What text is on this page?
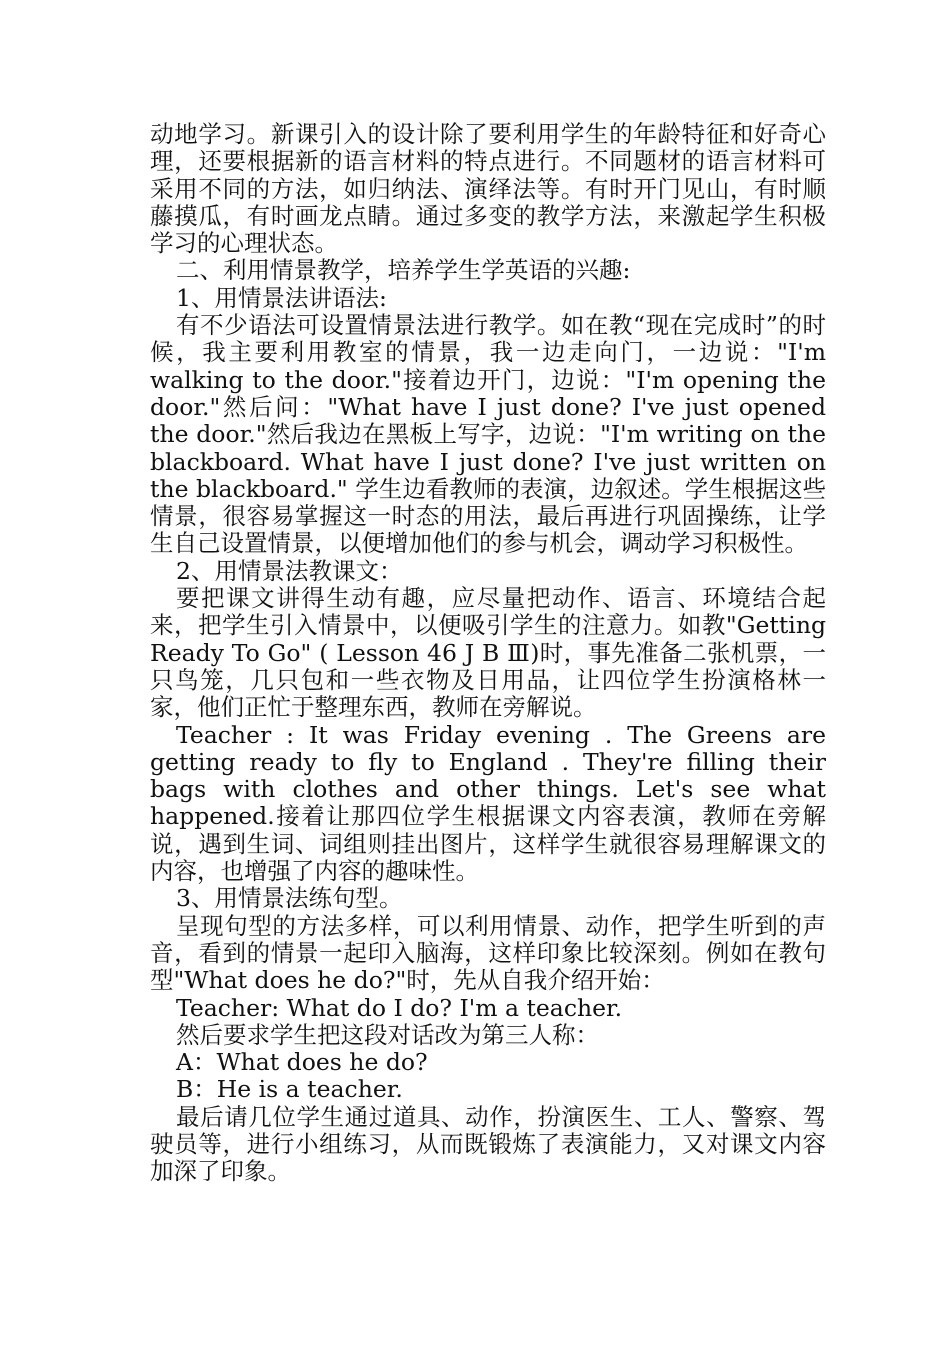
动地学习。新课引入的设计除了要利用学生的年龄特征和好奇心理，还要根据新的语言材料的特点进行。不同题材的语言材料可采用不同的方法，如归纳法、演绎法等。有时开门见山，有时顺藤摸瓜，有时画龙点睛。通过多变的教学方法，来激起学生积极学习的心理状态。

二、利用情景教学，培养学生学英语的兴趣:

1、用情景法讲语法:

有不少语法可设置情景法进行教学。如在教“现在完成时”的时候，我主要利用教室的情景，我一边走向门，一边说："I'm walking to the door."接着边开门，边说："I'm opening the door."然后问："What have I just done? I've just opened the door."然后我边在黑板上写字，边说："I'm writing on the blackboard. What have I just done? I've just written on the blackboard." 学生边看教师的表演，边叙述。学生根据这些情景，很容易掌握这一时态的用法，最后再进行巩固操练，让学生自己设置情景，以便增加他们的参与机会，调动学习积极性。

2、用情景法教课文：

要把课文讲得生动有趣，应尽量把动作、语言、环境结合起来，把学生引入情景中，以便吸引学生的注意力。如教"Getting Ready To Go" ( Lesson 46 J B Ⅲ)时，事先准备二张机票，一只鸟笼，几只包和一些衣物及日用品，让四位学生扮演格林一家，他们正忙于整理东西，教师在旁解说。

Teacher : It was Friday evening . The Greens are getting ready to fly to England . They're filling their bags with clothes and other things. Let's see what happened.接着让那四位学生根据课文内容表演，教师在旁解说，遇到生词、词组则挂出图片，这样学生就很容易理解课文的内容，也增强了内容的趣味性。

3、用情景法练句型。

呈现句型的方法多样，可以利用情景、动作，把学生听到的声音，看到的情景一起印入脑海，这样印象比较深刻。例如在教句型"What does he do?"时，先从自我介绍开始：

Teacher: What do I do? I'm a teacher.

然后要求学生把这段对话改为第三人称：

A：What does he do?

B：He is a teacher.

最后请几位学生通过道具、动作，扮演医生、工人、警察、驾驶员等，进行小组练习，从而既锻炼了表演能力，又对课文内容加深了印象。
